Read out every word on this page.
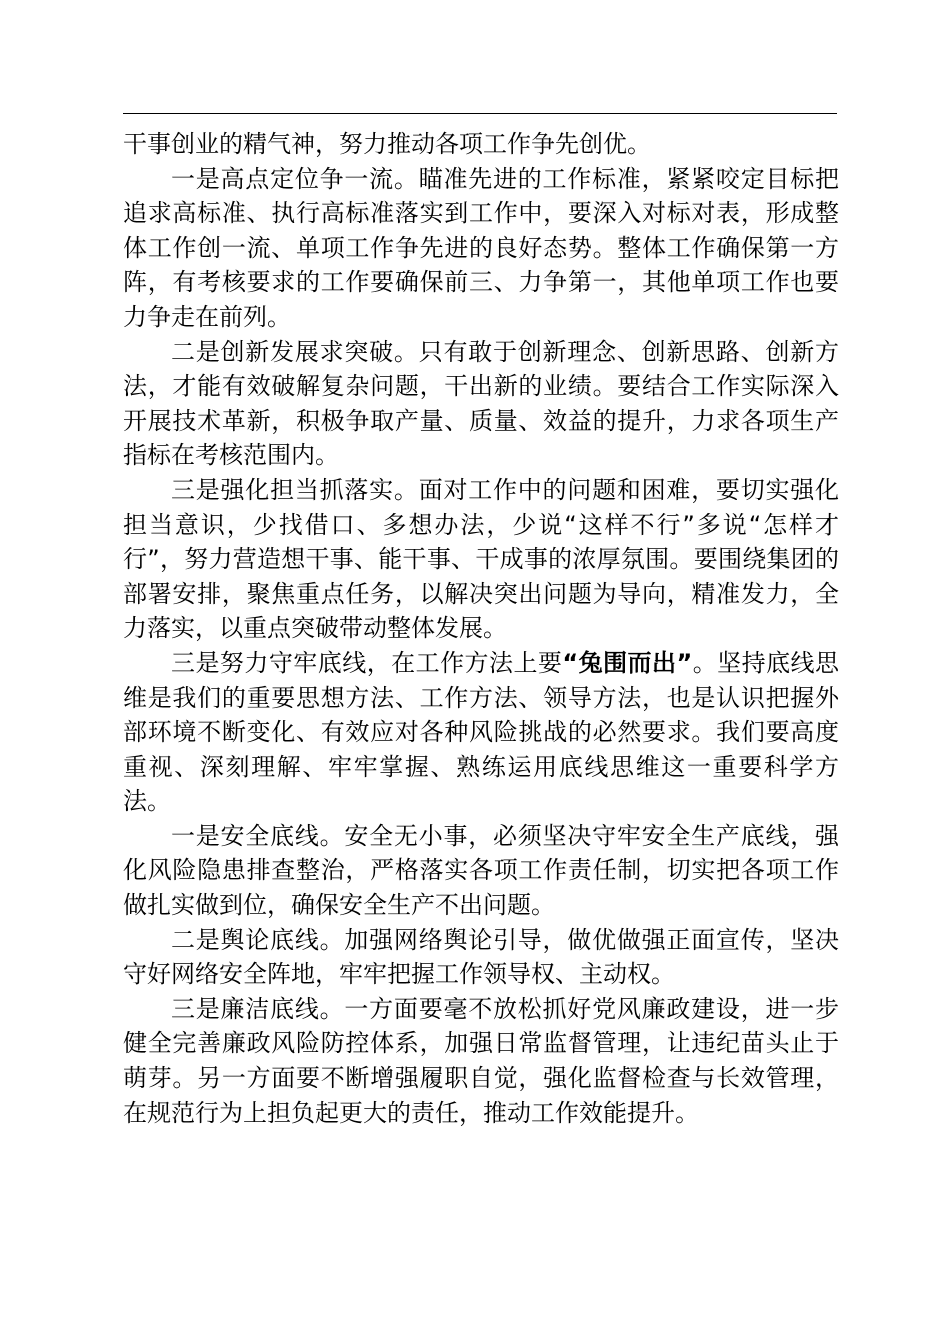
干事创业的精气神，努力推动各项工作争先创优。

一是高点定位争一流。瞄准先进的工作标准，紧紧咬定目标把追求高标准、执行高标准落实到工作中，要深入对标对表，形成整体工作创一流、单项工作争先进的良好态势。整体工作确保第一方阵，有考核要求的工作要确保前三、力争第一，其他单项工作也要力争走在前列。

二是创新发展求突破。只有敢于创新理念、创新思路、创新方法，才能有效破解复杂问题，干出新的业绩。要结合工作实际深入开展技术革新，积极争取产量、质量、效益的提升，力求各项生产指标在考核范围内。

三是强化担当抓落实。面对工作中的问题和困难，要切实强化担当意识，少找借口、多想办法，少说“这样不行”多说“怎样才行”，努力营造想干事、能干事、干成事的浓厚氛围。要围绕集团的部署安排，聚焦重点任务，以解决突出问题为导向，精准发力，全力落实，以重点突破带动整体发展。

三是努力守牢底线，在工作方法上要“兔围而出”。坚持底线思维是我们的重要思想方法、工作方法、领导方法，也是认识把握外部环境不断变化、有效应对各种风险挑战的必然要求。我们要高度重视、深刻理解、牢牢掌握、熟练运用底线思维这一重要科学方法。

一是安全底线。安全无小事，必须坚决守牢安全生产底线，强化风险隐患排查整治，严格落实各项工作责任制，切实把各项工作做扎实做到位，确保安全生产不出问题。

二是舆论底线。加强网络舆论引导，做优做强正面宣传，坚决守好网络安全阵地，牢牢把握工作领导权、主动权。

三是廉洁底线。一方面要毫不放松抓好党风廉政建设，进一步健全完善廉政风险防控体系，加强日常监督管理，让违纪苗头止于萌芽。另一方面要不断增强履职自觉，强化监督检查与长效管理，在规范行为上担负起更大的责任，推动工作效能提升。
